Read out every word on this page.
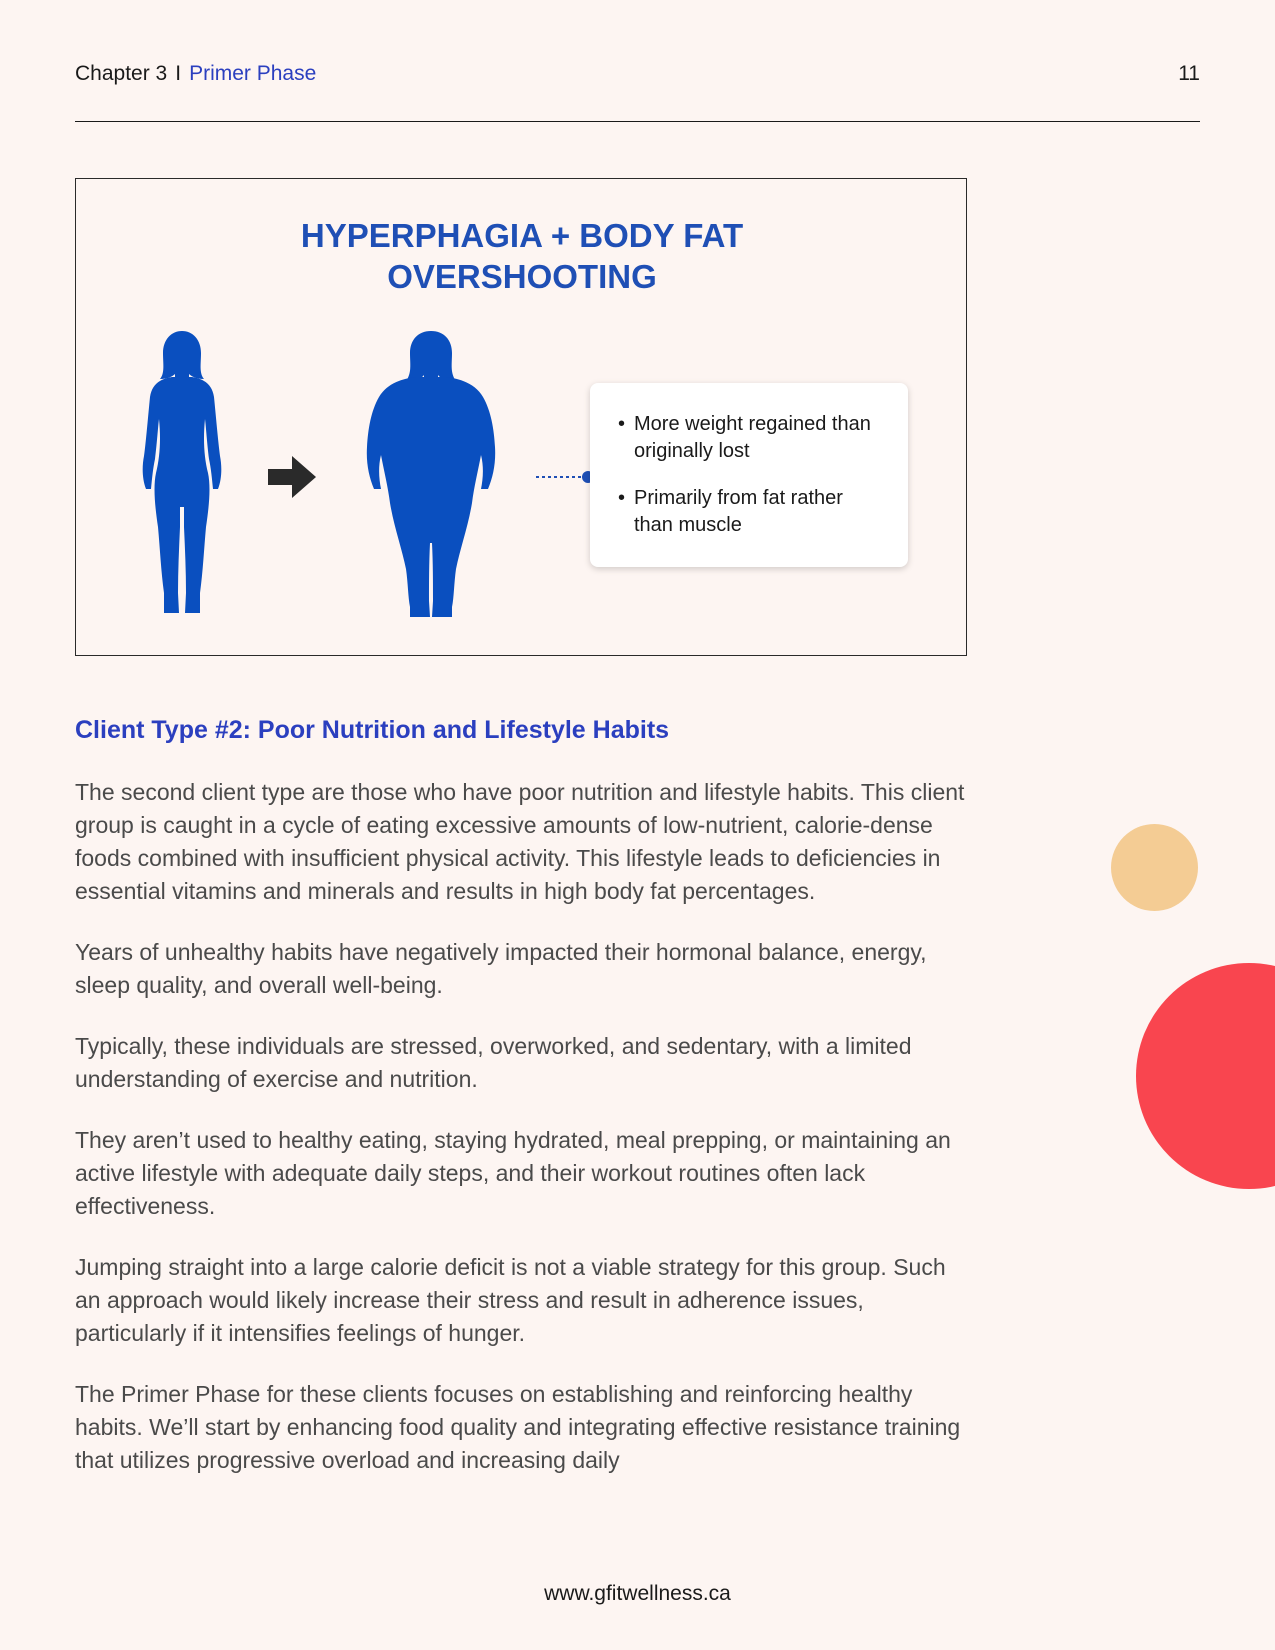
Chapter 3 I Primer Phase	11
HYPERPHAGIA + BODY FAT
OVERSHOOTING
• More weight regained than originally lost
• Primarily from fat rather than muscle
Client Type #2: Poor Nutrition and Lifestyle Habits

The second client type are those who have poor nutrition and lifestyle habits. This client group is caught in a cycle of eating excessive amounts of low-nutrient, calorie-dense foods combined with insufficient physical activity. This lifestyle leads to deficiencies in essential vitamins and minerals and results in high body fat percentages.

Years of unhealthy habits have negatively impacted their hormonal balance, energy, sleep quality, and overall well-being.

Typically, these individuals are stressed, overworked, and sedentary, with a limited understanding of exercise and nutrition.

They aren’t used to healthy eating, staying hydrated, meal prepping, or maintaining an active lifestyle with adequate daily steps, and their workout routines often lack effectiveness.

Jumping straight into a large calorie deficit is not a viable strategy for this group. Such an approach would likely increase their stress and result in adherence issues, particularly if it intensifies feelings of hunger.

The Primer Phase for these clients focuses on establishing and reinforcing healthy habits. We’ll start by enhancing food quality and integrating effective resistance training that utilizes progressive overload and increasing daily

www.gfitwellness.ca
